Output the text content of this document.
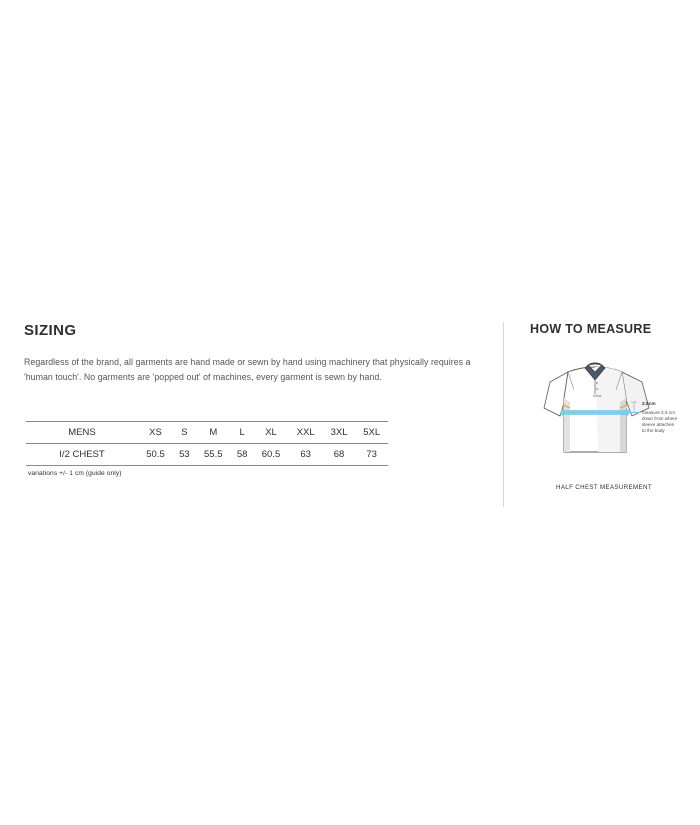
SIZING

Regardless of the brand, all garments are hand made or sewn by hand using machinery that physically requires a 'human touch'. No garments are 'popped out' of machines, every garment is sewn by hand.

MENS	XS	S	M	L	XL	XXL	3XL	5XL
I/2 CHEST	50.5	53	55.5	58	60.5	63	68	73
variations +/- 1 cm (guide only)
HOW TO MEASURE
2.5cm
measure 2.5 cm down from where sleeve attaches to the body
Mens
HALF CHEST MEASUREMENT
